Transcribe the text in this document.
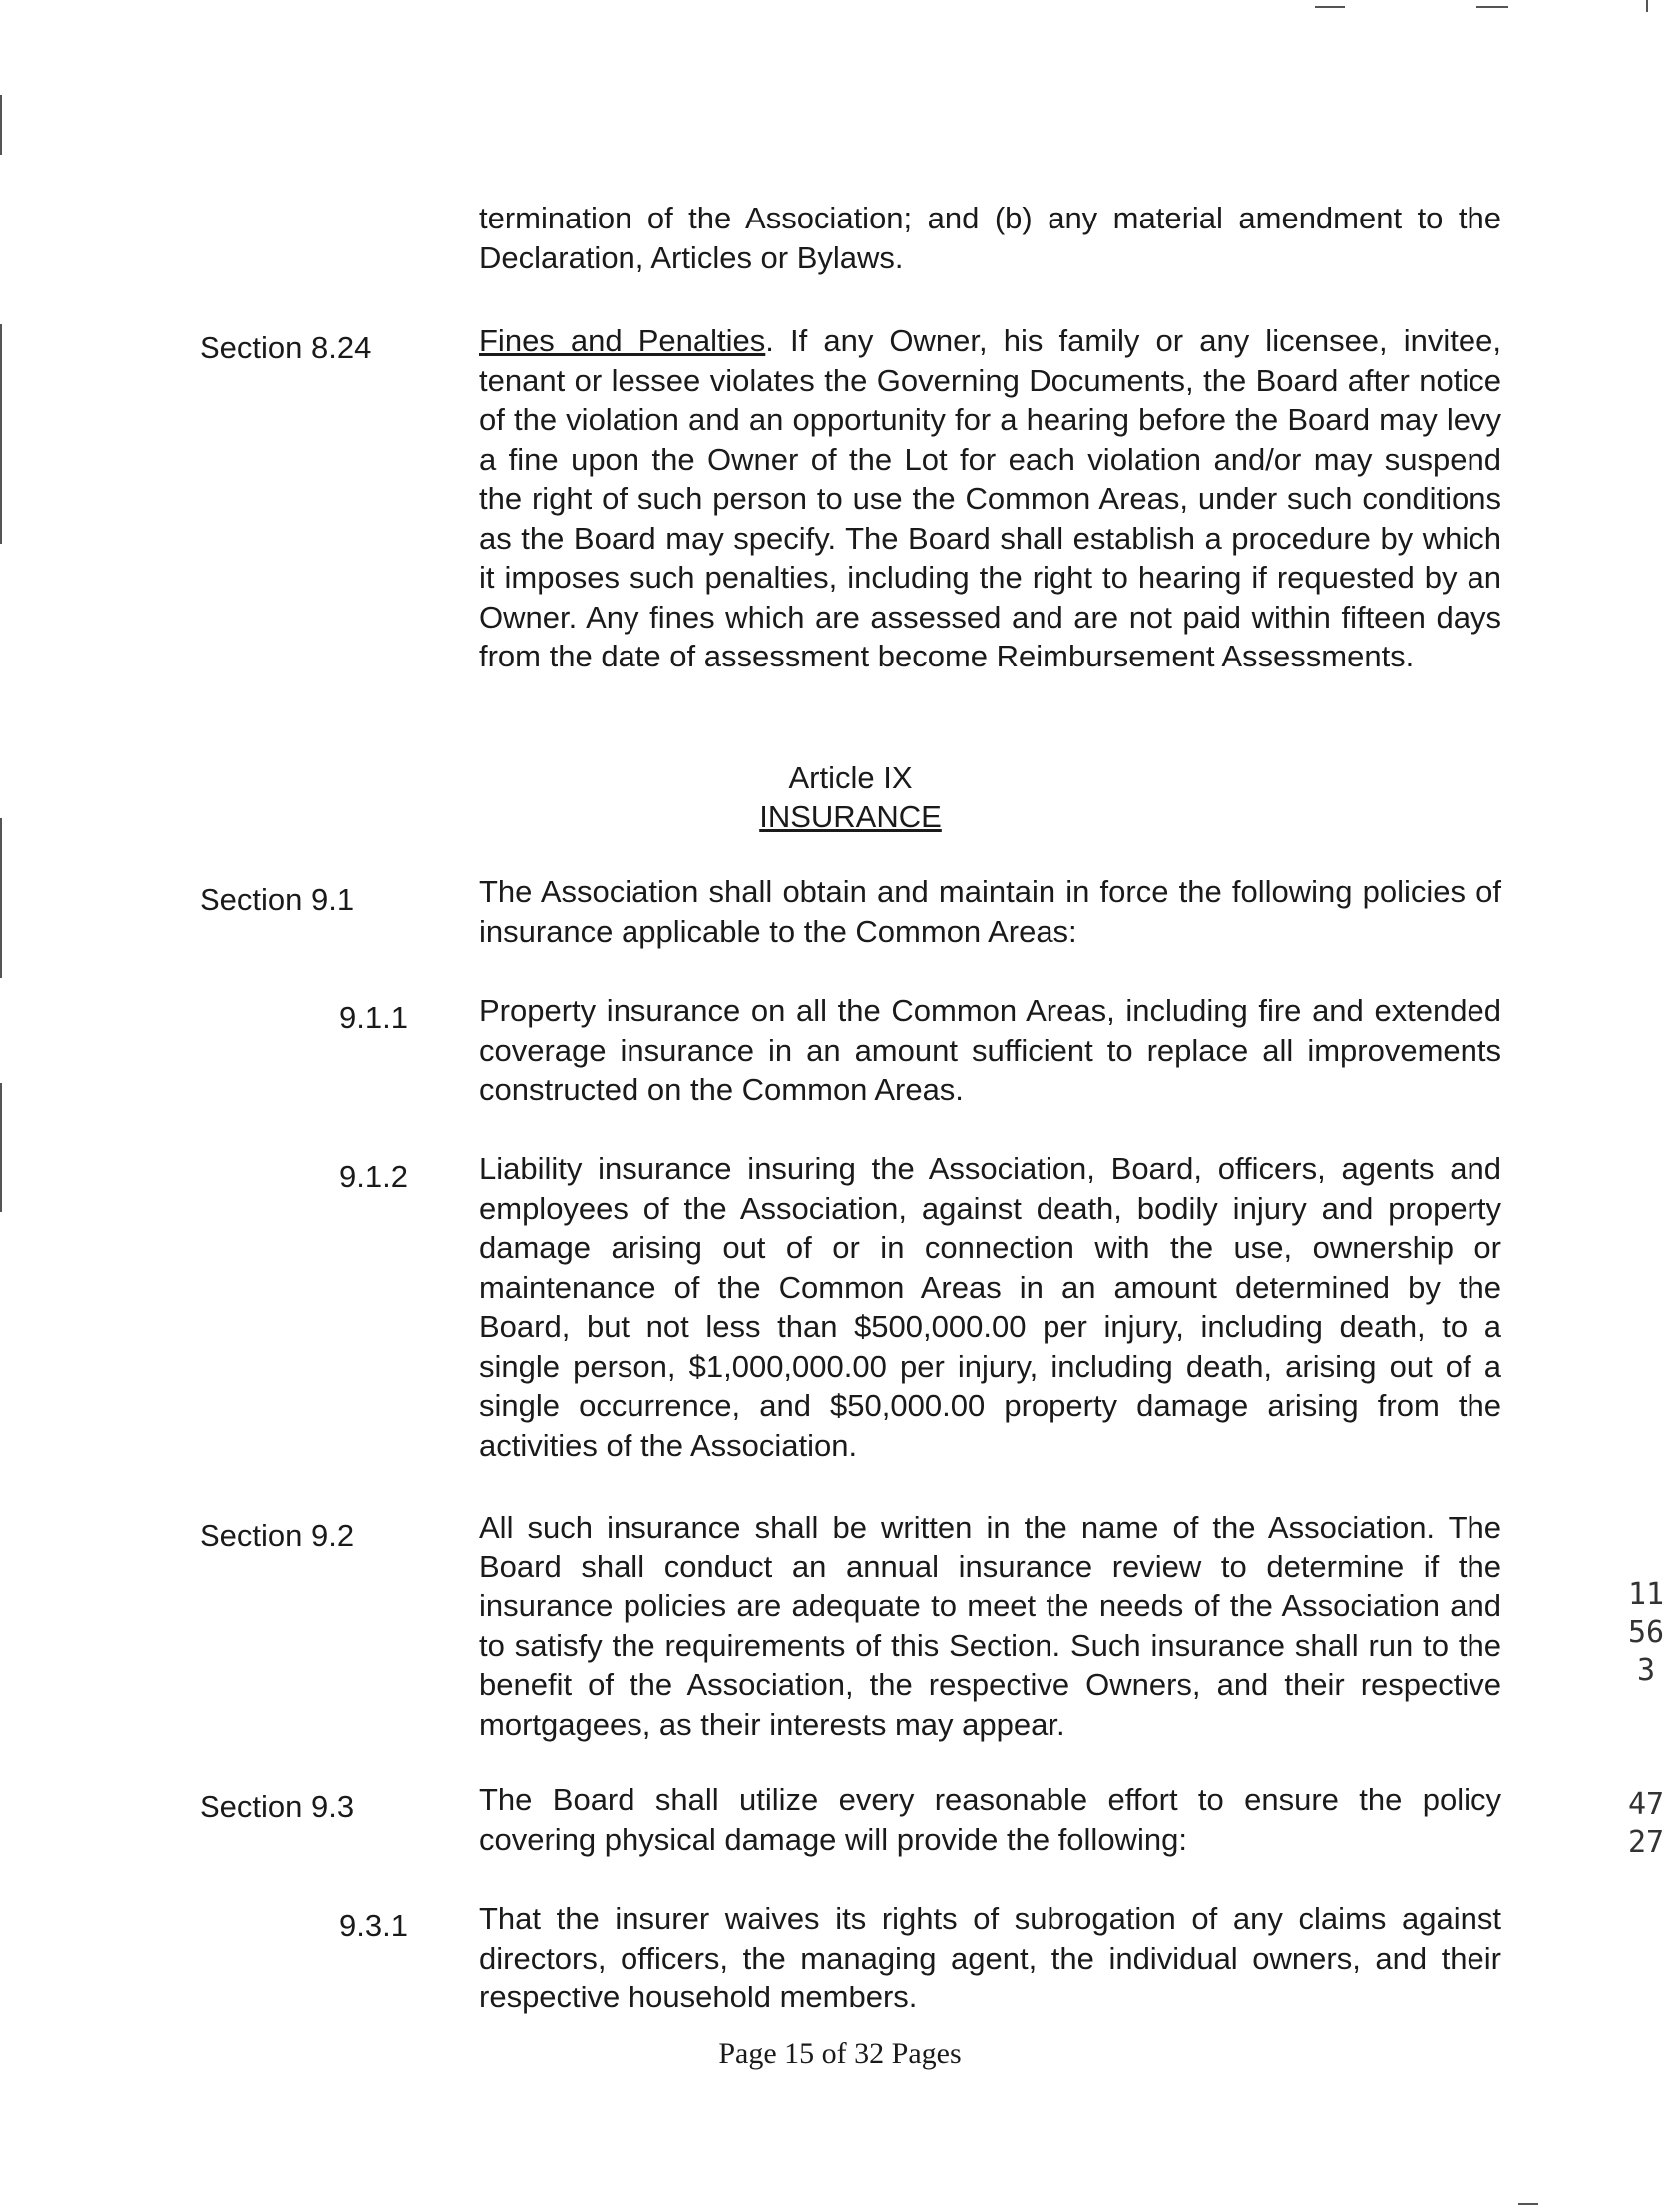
termination of the Association; and (b) any material amendment to the Declaration, Articles or Bylaws.
Section 8.24	Fines and Penalties. If any Owner, his family or any licensee, invitee, tenant or lessee violates the Governing Documents, the Board after notice of the violation and an opportunity for a hearing before the Board may levy a fine upon the Owner of the Lot for each violation and/or may suspend the right of such person to use the Common Areas, under such conditions as the Board may specify. The Board shall establish a procedure by which it imposes such penalties, including the right to hearing if requested by an Owner. Any fines which are assessed and are not paid within fifteen days from the date of assessment become Reimbursement Assessments.
Article IX
INSURANCE
Section 9.1	The Association shall obtain and maintain in force the following policies of insurance applicable to the Common Areas:
9.1.1 Property insurance on all the Common Areas, including fire and extended coverage insurance in an amount sufficient to replace all improvements constructed on the Common Areas.
9.1.2 Liability insurance insuring the Association, Board, officers, agents and employees of the Association, against death, bodily injury and property damage arising out of or in connection with the use, ownership or maintenance of the Common Areas in an amount determined by the Board, but not less than $500,000.00 per injury, including death, to a single person, $1,000,000.00 per injury, including death, arising out of a single occurrence, and $50,000.00 property damage arising from the activities of the Association.
Section 9.2	All such insurance shall be written in the name of the Association. The Board shall conduct an annual insurance review to determine if the insurance policies are adequate to meet the needs of the Association and to satisfy the requirements of this Section. Such insurance shall run to the benefit of the Association, the respective Owners, and their respective mortgagees, as their interests may appear.
Section 9.3	The Board shall utilize every reasonable effort to ensure the policy covering physical damage will provide the following:
9.3.1 That the insurer waives its rights of subrogation of any claims against directors, officers, the managing agent, the individual owners, and their respective household members.
Page 15 of 32 Pages
11563
4727
